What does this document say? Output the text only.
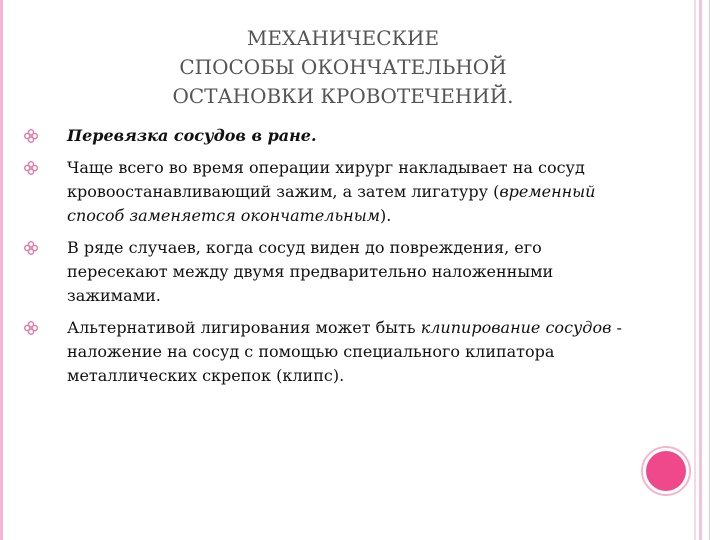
МЕХАНИЧЕСКИЕ
СПОСОБЫ ОКОНЧАТЕЛЬНОЙ
ОСТАНОВКИ КРОВОТЕЧЕНИЙ.
Перевязка сосудов в ране.
Чаще всего во время операции хирург накладывает на сосуд кровоостанавливающий зажим, а затем лигатуру (временный способ заменяется окончательным).
В ряде случаев, когда сосуд виден до повреждения, его пересекают между двумя предварительно наложенными зажимами.
Альтернативой лигирования может быть клипирование сосудов - наложение на сосуд с помощью специального клипатора металлических скрепок (клипс).
